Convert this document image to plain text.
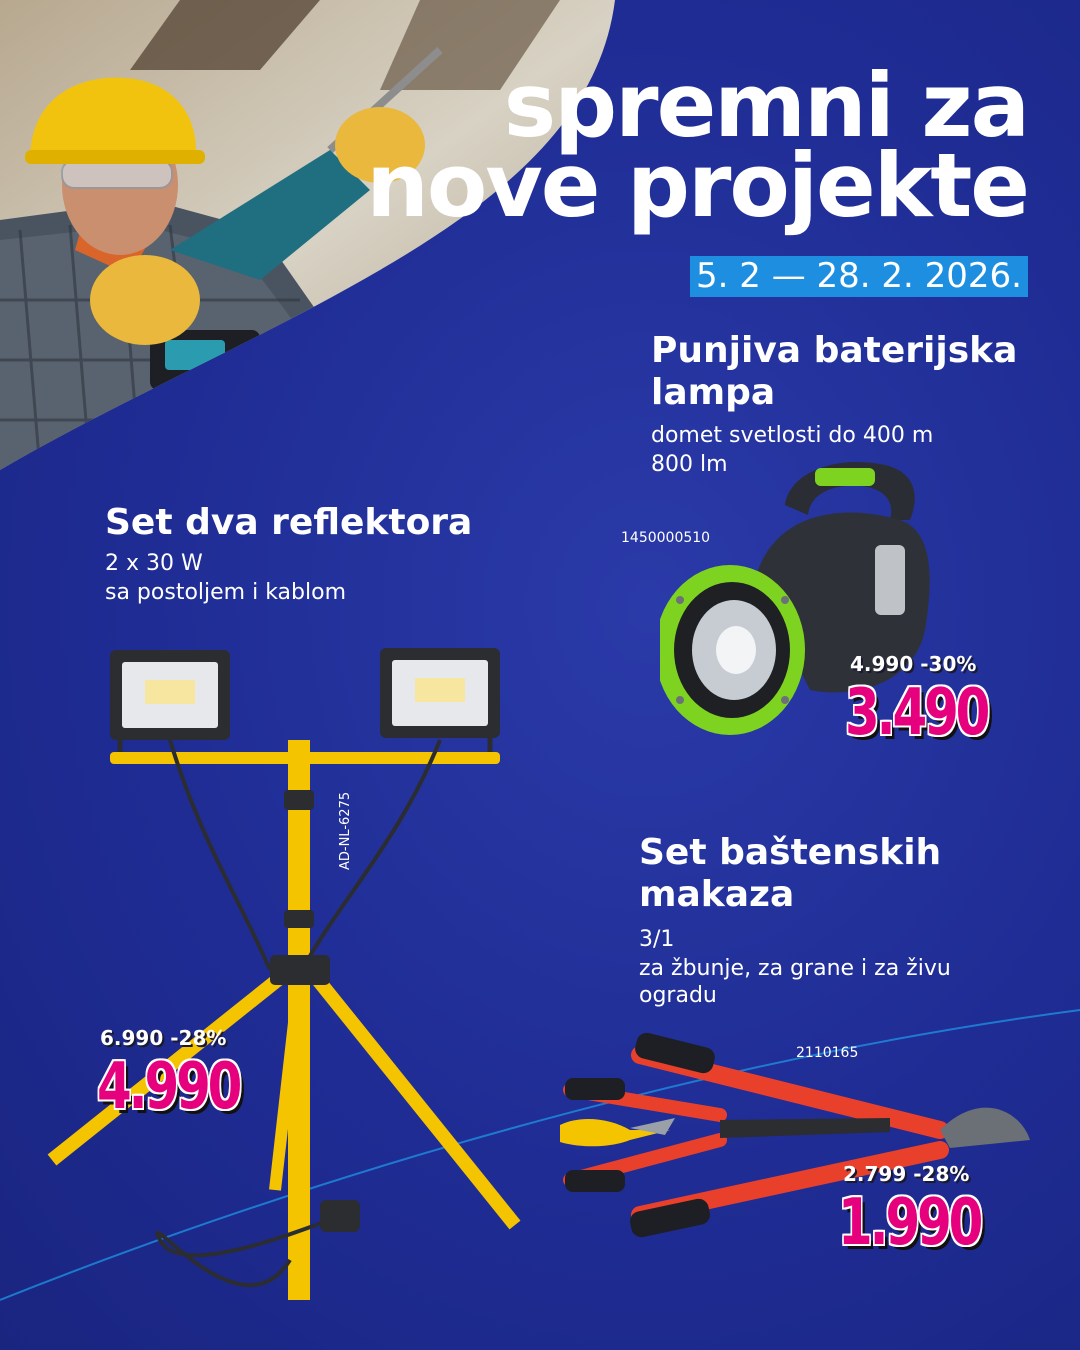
spremni za
nove projekte
5. 2 — 28. 2. 2026.
Punjiva baterijska
lampa
domet svetlosti do 400 m
800 lm
1450000510
4.990 -30%
3.490
Set dva reflektora
2 x 30 W
sa postoljem i kablom
AD-NL-6275
6.990 -28%
4.990
Set baštenskih
makaza
3/1
za žbunje, za grane i za živu
ogradu
2110165
2.799 -28%
1.990
